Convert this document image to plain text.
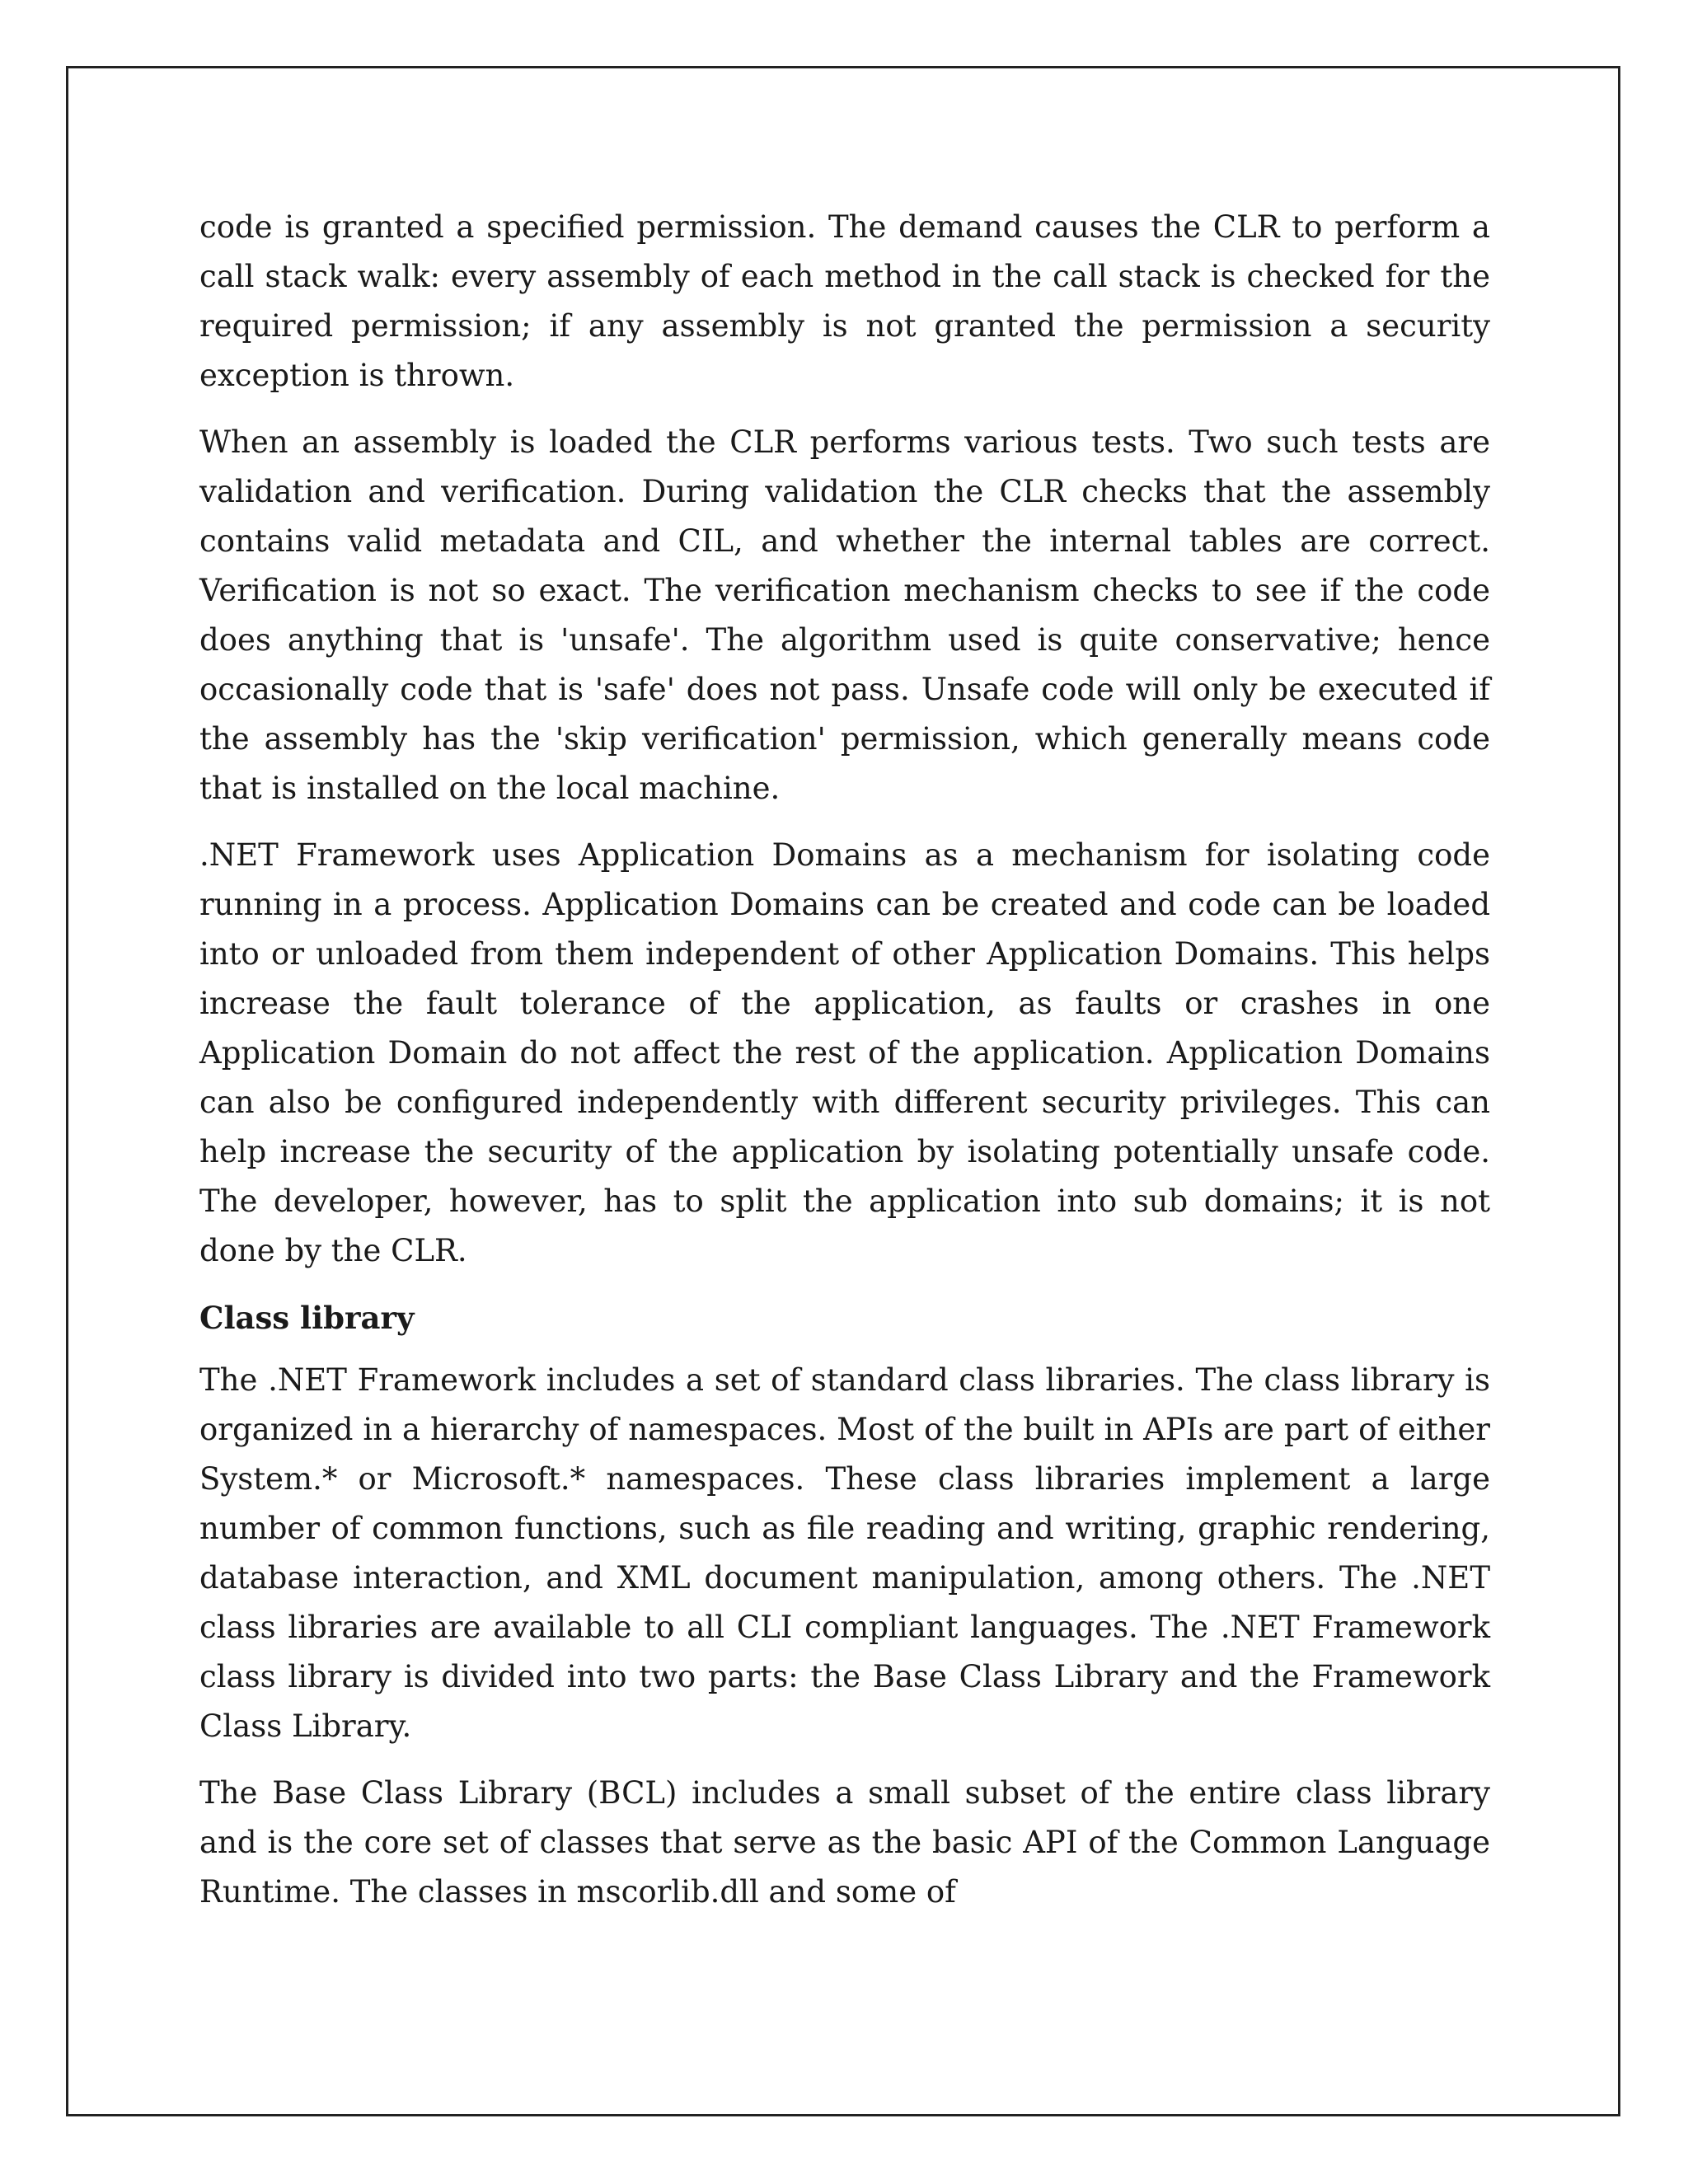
code is granted a specified permission. The demand causes the CLR to perform a call stack walk: every assembly of each method in the call stack is checked for the required permission; if any assembly is not granted the permission a security exception is thrown.

When an assembly is loaded the CLR performs various tests. Two such tests are validation and verification. During validation the CLR checks that the assembly contains valid metadata and CIL, and whether the internal tables are correct. Verification is not so exact. The verification mechanism checks to see if the code does anything that is 'unsafe'. The algorithm used is quite conservative; hence occasionally code that is 'safe' does not pass. Unsafe code will only be executed if the assembly has the 'skip verification' permission, which generally means code that is installed on the local machine.

.NET Framework uses Application Domains as a mechanism for isolating code running in a process. Application Domains can be created and code can be loaded into or unloaded from them independent of other Application Domains. This helps increase the fault tolerance of the application, as faults or crashes in one Application Domain do not affect the rest of the application. Application Domains can also be configured independently with different security privileges. This can help increase the security of the application by isolating potentially unsafe code. The developer, however, has to split the application into sub domains; it is not done by the CLR.

Class library

The .NET Framework includes a set of standard class libraries. The class library is organized in a hierarchy of namespaces. Most of the built in APIs are part of either System.* or Microsoft.* namespaces. These class libraries implement a large number of common functions, such as file reading and writing, graphic rendering, database interaction, and XML document manipulation, among others. The .NET class libraries are available to all CLI compliant languages. The .NET Framework class library is divided into two parts: the Base Class Library and the Framework Class Library.

The Base Class Library (BCL) includes a small subset of the entire class library and is the core set of classes that serve as the basic API of the Common Language Runtime. The classes in mscorlib.dll and some of
